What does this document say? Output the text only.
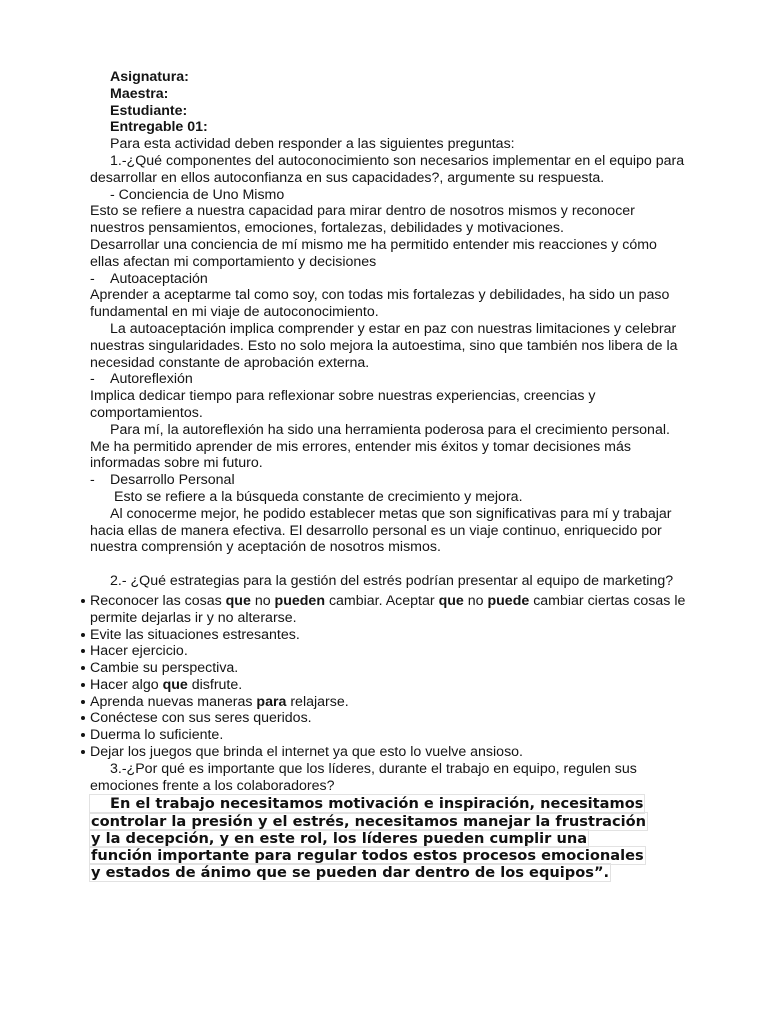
Asignatura:
Maestra:
Estudiante:
Entregable 01:
Para esta actividad deben responder a las siguientes preguntas:
1.-¿Qué componentes del autoconocimiento son necesarios implementar en el equipo para desarrollar en ellos autoconfianza en sus capacidades?, argumente su respuesta.
- Conciencia de Uno Mismo
Esto se refiere a nuestra capacidad para mirar dentro de nosotros mismos y reconocer nuestros pensamientos, emociones, fortalezas, debilidades y motivaciones.
Desarrollar una conciencia de mí mismo me ha permitido entender mis reacciones y cómo ellas afectan mi comportamiento y decisiones
-	Autoaceptación
Aprender a aceptarme tal como soy, con todas mis fortalezas y debilidades, ha sido un paso fundamental en mi viaje de autoconocimiento.
La autoaceptación implica comprender y estar en paz con nuestras limitaciones y celebrar nuestras singularidades. Esto no solo mejora la autoestima, sino que también nos libera de la necesidad constante de aprobación externa.
-	Autoreflexión
Implica dedicar tiempo para reflexionar sobre nuestras experiencias, creencias y comportamientos.
Para mí, la autoreflexión ha sido una herramienta poderosa para el crecimiento personal. Me ha permitido aprender de mis errores, entender mis éxitos y tomar decisiones más informadas sobre mi futuro.
-	Desarrollo Personal
Esto se refiere a la búsqueda constante de crecimiento y mejora.
Al conocerme mejor, he podido establecer metas que son significativas para mí y trabajar hacia ellas de manera efectiva. El desarrollo personal es un viaje continuo, enriquecido por nuestra comprensión y aceptación de nosotros mismos.
2.- ¿Qué estrategias para la gestión del estrés podrían presentar al equipo de marketing?
Reconocer las cosas que no pueden cambiar. Aceptar que no puede cambiar ciertas cosas le permite dejarlas ir y no alterarse.
Evite las situaciones estresantes.
Hacer ejercicio.
Cambie su perspectiva.
Hacer algo que disfrute.
Aprenda nuevas maneras para relajarse.
Conéctese con sus seres queridos.
Duerma lo suficiente.
Dejar los juegos que brinda el internet ya que esto lo vuelve ansioso.
3.-¿Por qué es importante que los líderes, durante el trabajo en equipo, regulen sus emociones frente a los colaboradores?
En el trabajo necesitamos motivación e inspiración, necesitamos
controlar la presión y el estrés, necesitamos manejar la frustración
y la decepción, y en este rol, los líderes pueden cumplir una
función importante para regular todos estos procesos emocionales
y estados de ánimo que se pueden dar dentro de los equipos”.
